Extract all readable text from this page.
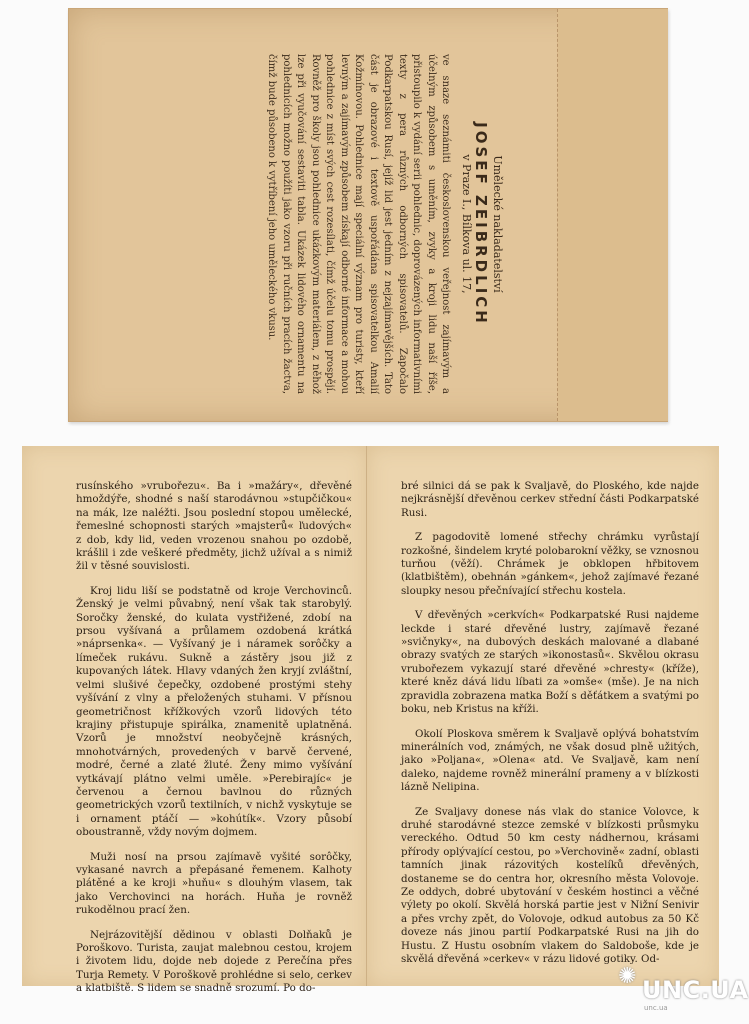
Umělecké nakladatelství

JOSEF ZEIBRDLICH

v Praze I., Bílkova ul. 17,

ve snaze seznámiti československou veřejnost zajímavým a účelným způsobem s uměním, zvyky a kroji lidu naší říše, přistoupilo k vydání serii pohlednic, doprovázených informativními texty z pera různých odborných spisovatelů. Započalo Podkarpatskou Rusí, jejíž lid jest jedním z nejzajímavějších. Tato část je obrazové i textově uspořádána spisovatelkou Amalií Kožmínovou. Pohlednice mají speciální význam pro turisty, kteří levným a zajímavým způsobem získají odborné informace a mohou pohlednice z míst svých cest rozesílati, čímž účelu tomu prospějí. Rovněž pro školy jsou pohlednice ukázkovým materiálem, z něhož lze při vyučování sestaviti tabla. Ukázek lidového ornamentu na pohlednicích možno použíti jako vzoru při ručních pracích žactva, čímž bude působeno k vytříbení jeho uměleckého vkusu.

rusínského »vrubořezu«. Ba i »mažáry«, dřevěné hmoždýře, shodné s naší starodávnou »stupčičkou« na mák, lze naléžti. Jsou poslední stopou umělecké, řemeslné schopnosti starých »majsterů« ľudových« z dob, kdy lid, veden vrozenou snahou po ozdobě, krášlil i zde veškeré předměty, jichž užíval a s nimiž žil v těsné souvislosti.

Kroj lidu liší se podstatně od kroje Verchovinců. Ženský je velmi půvabný, není však tak starobylý. Soročky ženské, do kulata vystřižené, zdobí na prsou vyšívaná a průlamem ozdobená krátká »náprsenka«. — Vyšívaný je i náramek sorôčky a límeček rukávu. Sukně a zástěry jsou již z kupovaných látek. Hlavy vdaných žen kryjí zvláštní, velmi slušivé čepečky, ozdobené prostými stehy vyšívání z vlny a přeložených stuhami. V přísnou geometričnost křížkových vzorů lidových této krajiny přistupuje spirálka, znamenitě uplatněná. Vzorů je množství neobyčejně krásných, mnohotvárných, provedených v barvě červené, modré, černé a zlaté žluté. Ženy mimo vyšívání vytkávají plátno velmi uměle. »Perebirajíc« je červenou a černou bavlnou do různých geometrických vzorů textilních, v nichž vyskytuje se i ornament ptáčí — »kohútík«. Vzory působí oboustranně, vždy novým dojmem.

Muži nosí na prsou zajímavě vyšité sorôčky, vykasané navrch a přepásané řemenem. Kalhoty plátěné a ke kroji »huňu« s dlouhým vlasem, tak jako Verchovinci na horách. Huňa je rovněž rukodělnou prací žen.

Nejrázovitější dědinou v oblasti Dolňaků je Poroškovo. Turista, zaujat malebnou cestou, krojem i životem lidu, dojde neb dojede z Perečína přes Turja Remety. V Poroškově prohlédne si selo, cerkev a klatbiště. S lidem se snadně srozumí. Po do-

bré silnici dá se pak k Svaljavě, do Ploského, kde najde nejkrásnější dřevěnou cerkev střední části Podkarpatské Rusi.

Z pagodovitě lomené střechy chrámku vyrůstají rozkošné, šindelem kryté polobarokní věžky, se vznosnou turňou (věží). Chrámek je obklopen hřbitovem (klatbištěm), obehnán »gánkem«, jehož zajímavé řezané sloupky nesou přečnívající střechu kostela.

V dřevěných »cerkvích« Podkarpatské Rusi najdeme leckde i staré dřevěné lustry, zajímavě řezané »svičnyky«, na dubových deskách malované a dlabané obrazy svatých ze starých »ikonostasů«. Skvělou okrasu vrubořezem vykazují staré dřevěné »chresty« (kříže), které kněz dává lidu líbati za »omše« (mše). Je na nich zpravidla zobrazena matka Boží s děťátkem a svatými po boku, neb Kristus na kříži.

Okolí Ploskova směrem k Svaljavě oplývá bohatstvím minerálních vod, známých, ne však dosud plně užitých, jako »Poljana«, »Olena« atd. Ve Svaljavě, kam není daleko, najdeme rovněž minerální prameny a v blízkosti lázně Nelipina.

Ze Svaljavy donese nás vlak do stanice Volovce, k druhé starodávné stezce zemské v blízkosti průsmyku vereckého. Odtud 50 km cesty nádhernou, krásami přírody oplývající cestou, po »Verchovině« zadní, oblasti tamních jinak rázovitých kostelíků dřevěných, dostaneme se do centra hor, okresního města Volovoje. Ze oddych, dobré ubytování v českém hostinci a věčné výlety po okolí. Skvělá horská partie jest v Nižní Senivir a přes vrchy zpět, do Volovoje, odkud autobus za 50 Kč doveze nás jinou partií Podkarpatské Rusi na jih do Hustu. Z Hustu osobním vlakem do Saldoboše, kde je skvělá dřevěná »cerkev« v rázu lidové gotiky. Od-

✺ UNC.UA
unc.ua
